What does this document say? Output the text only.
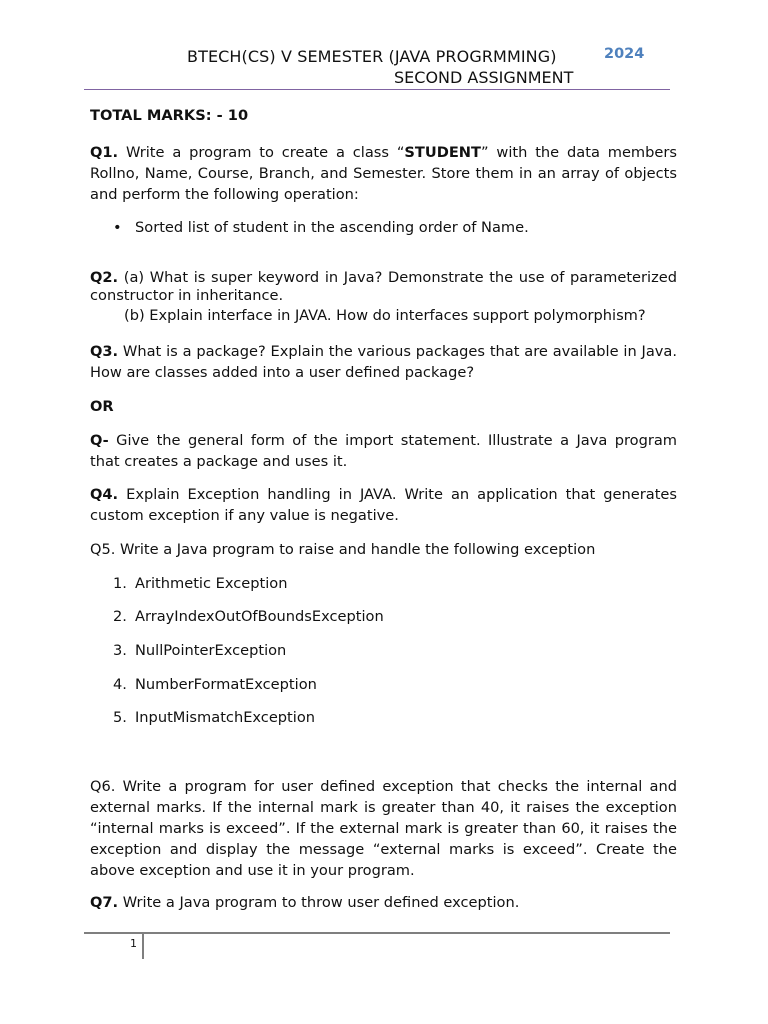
BTECH(CS) V SEMESTER (JAVA PROGRMMING)
SECOND ASSIGNMENT
2024
TOTAL MARKS: - 10
Q1. Write a program to create a class “STUDENT” with the data members Rollno, Name, Course, Branch, and Semester. Store them in an array of objects and perform the following operation:
• Sorted list of student in the ascending order of Name.
Q2. (a) What is super keyword in Java? Demonstrate the use of parameterized constructor in inheritance.
(b) Explain interface in JAVA. How do interfaces support polymorphism?
Q3. What is a package? Explain the various packages that are available in Java. How are classes added into a user defined package?
OR
Q- Give the general form of the import statement. Illustrate a Java program that creates a package and uses it.
Q4. Explain Exception handling in JAVA. Write an application that generates custom exception if any value is negative.
Q5. Write a Java program to raise and handle the following exception
1. Arithmetic Exception
2. ArrayIndexOutOfBoundsException
3. NullPointerException
4. NumberFormatException
5. InputMismatchException
Q6. Write a program for user defined exception that checks the internal and external marks. If the internal mark is greater than 40, it raises the exception “internal marks is exceed”. If the external mark is greater than 60, it raises the exception and display the message “external marks is exceed”. Create the above exception and use it in your program.
Q7. Write a Java program to throw user defined exception.
1
